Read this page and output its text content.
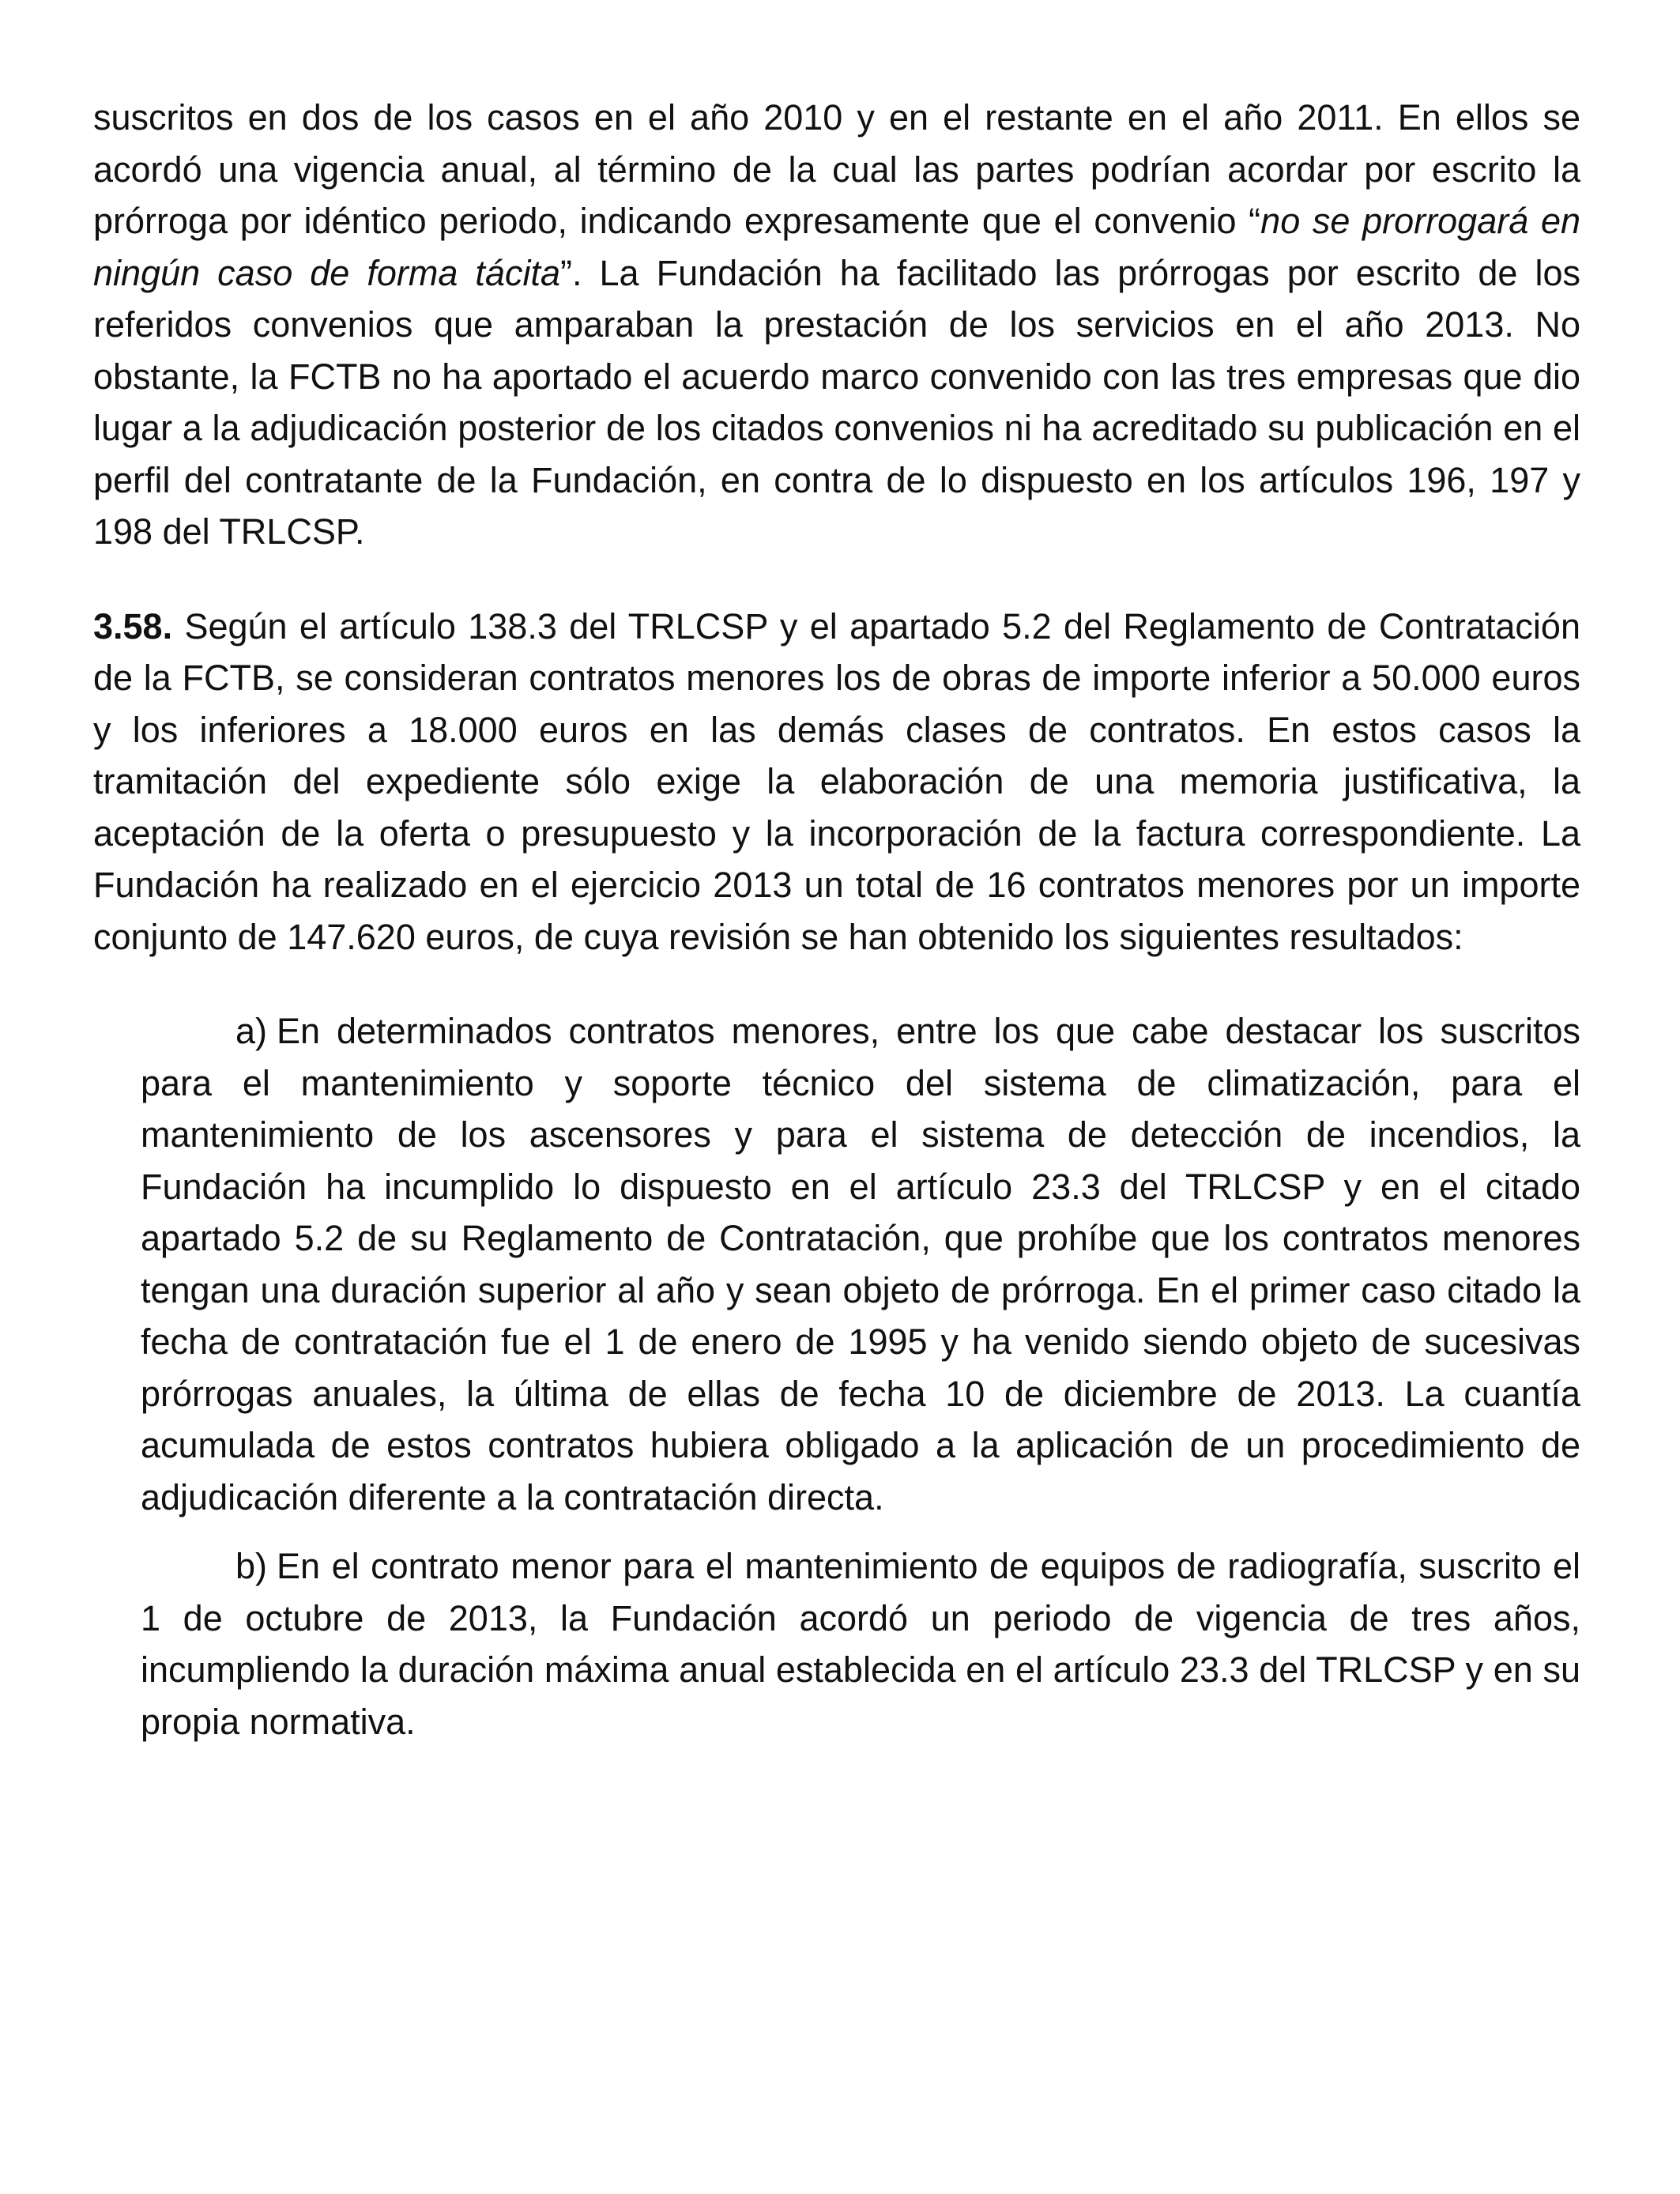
suscritos en dos de los casos en el año 2010 y en el restante en el año 2011. En ellos se acordó una vigencia anual, al término de la cual las partes podrían acordar por escrito la prórroga por idéntico periodo, indicando expresamente que el convenio “no se prorrogará en ningún caso de forma tácita”. La Fundación ha facilitado las prórrogas por escrito de los referidos convenios que amparaban la prestación de los servicios en el año 2013. No obstante, la FCTB no ha aportado el acuerdo marco convenido con las tres empresas que dio lugar a la adjudicación posterior de los citados convenios ni ha acreditado su publicación en el perfil del contratante de la Fundación, en contra de lo dispuesto en los artículos 196, 197 y 198 del TRLCSP.

3.58. Según el artículo 138.3 del TRLCSP y el apartado 5.2 del Reglamento de Contratación de la FCTB, se consideran contratos menores los de obras de importe inferior a 50.000 euros y los inferiores a 18.000 euros en las demás clases de contratos. En estos casos la tramitación del expediente sólo exige la elaboración de una memoria justificativa, la aceptación de la oferta o presupuesto y la incorporación de la factura correspondiente. La Fundación ha realizado en el ejercicio 2013 un total de 16 contratos menores por un importe conjunto de 147.620 euros, de cuya revisión se han obtenido los siguientes resultados:

a) En determinados contratos menores, entre los que cabe destacar los suscritos para el mantenimiento y soporte técnico del sistema de climatización, para el mantenimiento de los ascensores y para el sistema de detección de incendios, la Fundación ha incumplido lo dispuesto en el artículo 23.3 del TRLCSP y en el citado apartado 5.2 de su Reglamento de Contratación, que prohíbe que los contratos menores tengan una duración superior al año y sean objeto de prórroga. En el primer caso citado la fecha de contratación fue el 1 de enero de 1995 y ha venido siendo objeto de sucesivas prórrogas anuales, la última de ellas de fecha 10 de diciembre de 2013. La cuantía acumulada de estos contratos hubiera obligado a la aplicación de un procedimiento de adjudicación diferente a la contratación directa.

b) En el contrato menor para el mantenimiento de equipos de radiografía, suscrito el 1 de octubre de 2013, la Fundación acordó un periodo de vigencia de tres años, incumpliendo la duración máxima anual establecida en el artículo 23.3 del TRLCSP y en su propia normativa.
